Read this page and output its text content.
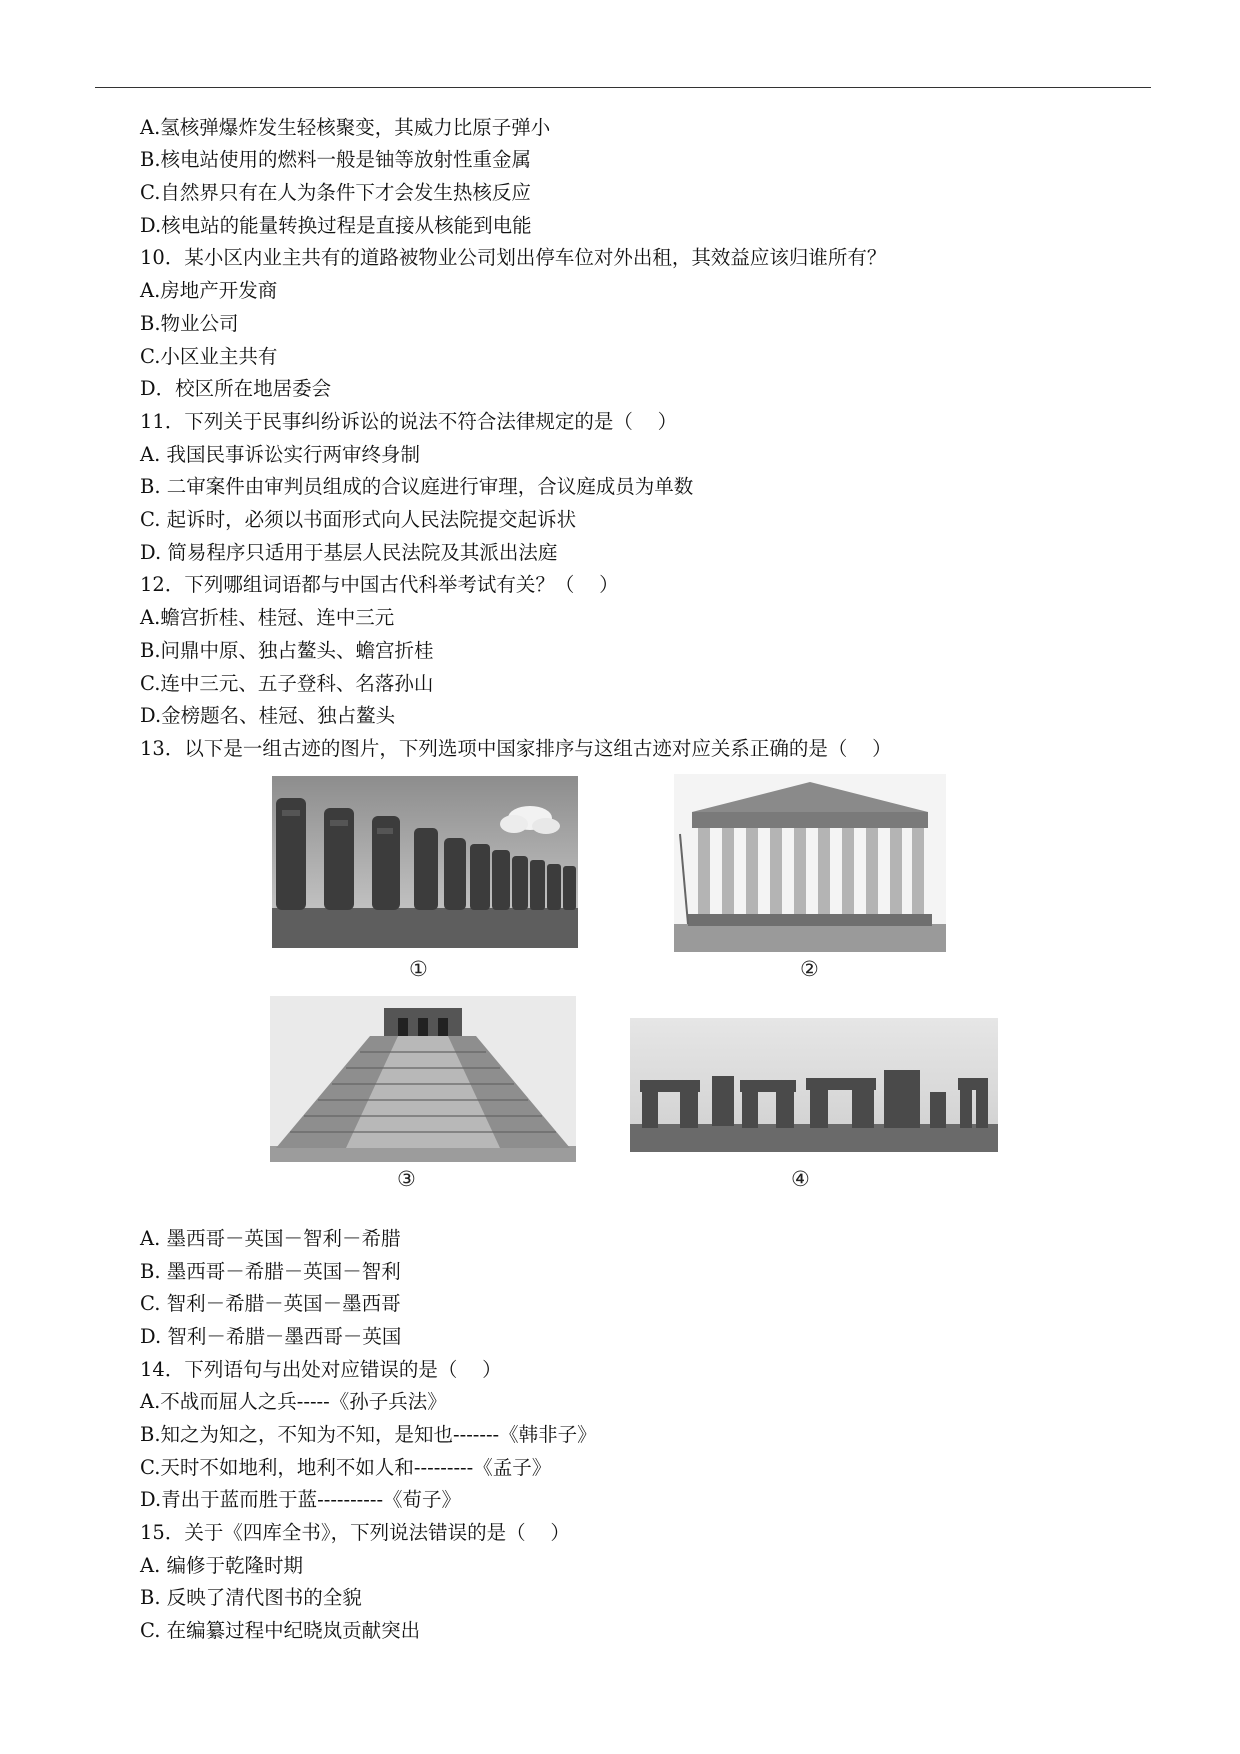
A.氢核弹爆炸发生轻核聚变，其威力比原子弹小
B.核电站使用的燃料一般是铀等放射性重金属
C.自然界只有在人为条件下才会发生热核反应
D.核电站的能量转换过程是直接从核能到电能
10．某小区内业主共有的道路被物业公司划出停车位对外出租，其效益应该归谁所有？
A.房地产开发商
B.物业公司
C.小区业主共有
D．校区所在地居委会
11．下列关于民事纠纷诉讼的说法不符合法律规定的是（    ）
A. 我国民事诉讼实行两审终身制
B. 二审案件由审判员组成的合议庭进行审理，合议庭成员为单数
C. 起诉时，必须以书面形式向人民法院提交起诉状
D. 简易程序只适用于基层人民法院及其派出法庭
12．下列哪组词语都与中国古代科举考试有关？（    ）
A.蟾宫折桂、桂冠、连中三元
B.问鼎中原、独占鳌头、蟾宫折桂
C.连中三元、五子登科、名落孙山
D.金榜题名、桂冠、独占鳌头
13．以下是一组古迹的图片，下列选项中国家排序与这组古迹对应关系正确的是（    ）
①	②
③	④
A. 墨西哥－英国－智利－希腊
B. 墨西哥－希腊－英国－智利
C. 智利－希腊－英国－墨西哥
D. 智利－希腊－墨西哥－英国
14．下列语句与出处对应错误的是（    ）
A.不战而屈人之兵-----《孙子兵法》
B.知之为知之，不知为不知，是知也-------《韩非子》
C.天时不如地利，地利不如人和---------《孟子》
D.青出于蓝而胜于蓝----------《荀子》
15．关于《四库全书》，下列说法错误的是（    ）
A. 编修于乾隆时期
B. 反映了清代图书的全貌
C. 在编纂过程中纪晓岚贡献突出
